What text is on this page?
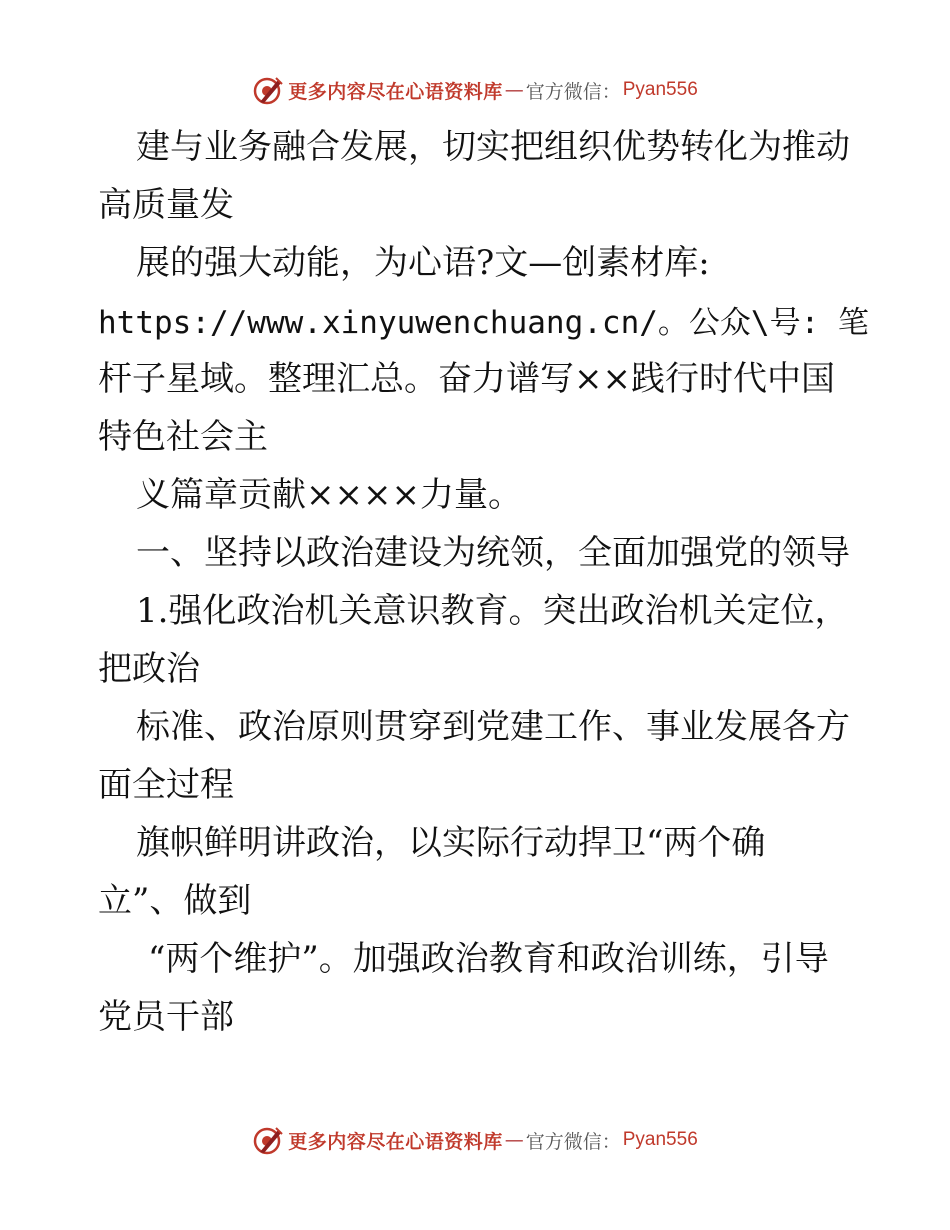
更多内容尽在心语资料库 — 官方微信： Pyan556
建与业务融合发展，切实把组织优势转化为推动
高质量发
展的强大动能，为心语?文—创素材库:
https://www.xinyuwenchuang.cn/。公众\号: 笔
杆子星域。整理汇总。奋力谱写××践行时代中国
特色社会主
义篇章贡献××××力量。
一、坚持以政治建设为统领，全面加强党的领导
1.强化政治机关意识教育。突出政治机关定位，
把政治
标准、政治原则贯穿到党建工作、事业发展各方
面全过程
旗帜鲜明讲政治，以实际行动捍卫“两个确
立”、做到
“两个维护”。加强政治教育和政治训练，引导
党员干部
更多内容尽在心语资料库 — 官方微信： Pyan556
